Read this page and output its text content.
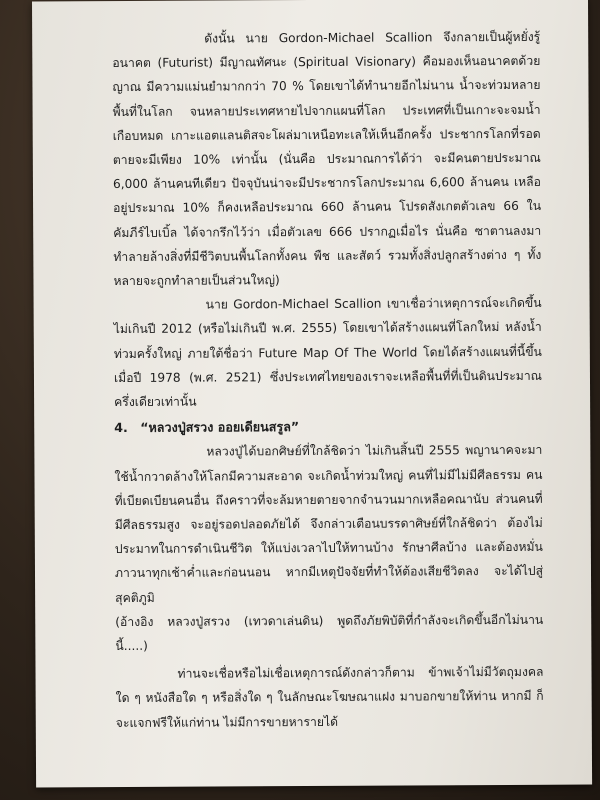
ดังนั้น นาย Gordon-Michael Scallion จึงกลายเป็นผู้หยั่งรู้อนาคต (Futurist) มีญาณทัศนะ (Spiritual Visionary) คือมองเห็นอนาคตด้วยญาณ มีความแม่นยำมากกว่า 70 % โดยเขาได้ทำนายอีกไม่นาน น้ำจะท่วมหลายพื้นที่ในโลก จนหลายประเทศหายไปจากแผนที่โลก ประเทศที่เป็นเกาะจะจมน้ำเกือบหมด เกาะแอตแลนติสจะโผล่มาเหนือทะเลให้เห็นอีกครั้ง ประชากรโลกที่รอดตายจะมีเพียง 10% เท่านั้น (นั่นคือ ประมาณการได้ว่า จะมีคนตายประมาณ 6,000 ล้านคนทีเดียว ปัจจุบันน่าจะมีประชากรโลกประมาณ 6,600 ล้านคน เหลืออยู่ประมาณ 10% ก็คงเหลือประมาณ 660 ล้านคน โปรดสังเกตตัวเลข 66 ในคัมภีร์ไบเบิ้ล ได้จากรึกไว้ว่า เมื่อตัวเลข 666 ปรากฏเมื่อไร นั่นคือ ซาตานลงมาทำลายล้างสิ่งที่มีชีวิตบนพื้นโลกทั้งคน พืช และสัตว์ รวมทั้งสิ่งปลูกสร้างต่าง ๆ ทั้งหลายจะถูกทำลายเป็นส่วนใหญ่)

นาย Gordon-Michael Scallion เขาเชื่อว่าเหตุการณ์จะเกิดขึ้นไม่เกินปี 2012 (หรือไม่เกินปี พ.ศ. 2555) โดยเขาได้สร้างแผนที่โลกใหม่ หลังน้ำท่วมครั้งใหญ่ ภายใต้ชื่อว่า Future Map Of The World โดยได้สร้างแผนที่นี้ขึ้นเมื่อปี 1978 (พ.ศ. 2521) ซึ่งประเทศไทยของเราจะเหลือพื้นที่ที่เป็นดินประมาณครึ่งเดียวเท่านั้น

4. “หลวงปู่สรวง ออยเดียนสรูล”

หลวงปู่ได้บอกศิษย์ที่ใกล้ชิดว่า ไม่เกินสิ้นปี 2555 พญานาคจะมาใช้น้ำกวาดล้างให้โลกมีความสะอาด จะเกิดน้ำท่วมใหญ่ คนที่ไม่มีไม่มีศีลธรรม คนที่เบียดเบียนคนอื่น ถึงคราวที่จะล้มหายตายจากจำนวนมากเหลือคณานับ ส่วนคนที่มีศีลธรรมสูง จะอยู่รอดปลอดภัยได้ จึงกล่าวเตือนบรรดาศิษย์ที่ใกล้ชิดว่า ต้องไม่ประมาทในการดำเนินชีวิต ให้แบ่งเวลาไปให้ทานบ้าง รักษาศีลบ้าง และต้องหมั่นภาวนาทุกเช้าค่ำและก่อนนอน หากมีเหตุปัจจัยที่ทำให้ต้องเสียชีวิตลง จะได้ไปสู่สุคติภูมิ

(อ้างอิง หลวงปู่สรวง (เทวดาเล่นดิน) พูดถึงภัยพิบัติที่กำลังจะเกิดขึ้นอีกไม่นานนี้.....)

ท่านจะเชื่อหรือไม่เชื่อเหตุการณ์ดังกล่าวก็ตาม ข้าพเจ้าไม่มีวัตถุมงคลใด ๆ หนังสือใด ๆ หรือสิ่งใด ๆ ในลักษณะโฆษณาแฝง มาบอกขายให้ท่าน หากมี ก็จะแจกฟรีให้แก่ท่าน ไม่มีการขายหารายได้
